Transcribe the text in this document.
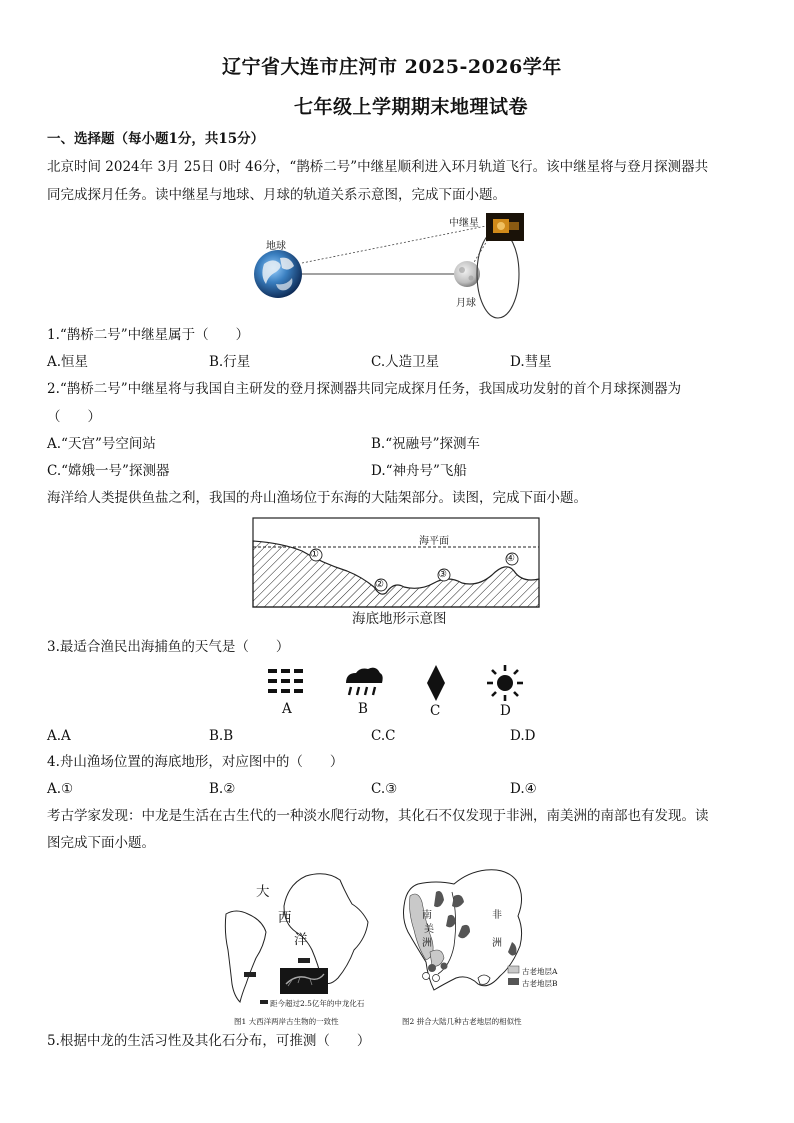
辽宁省大连市庄河市 2025-2026学年
七年级上学期期末地理试卷
一、选择题（每小题1分，共15分）
北京时间 2024年 3月 25日 0时 46分，“鹊桥二号”中继星顺利进入环月轨道飞行。该中继星将与登月探测器共
同完成探月任务。读中继星与地球、月球的轨道关系示意图，完成下面小题。
中继星
地球
月球
1.“鹊桥二号”中继星属于（　　）
A.恒星	B.行星	C.人造卫星	D.彗星
2.“鹊桥二号”中继星将与我国自主研发的登月探测器共同完成探月任务，我国成功发射的首个月球探测器为
（　　）
A.“天宫”号空间站	B.“祝融号”探测车
C.“嫦娥一号”探测器	D.“神舟号”飞船
海洋给人类提供鱼盐之利，我国的舟山渔场位于东海的大陆架部分。读图，完成下面小题。
海平面
①
②
③
④
海底地形示意图
3.最适合渔民出海捕鱼的天气是（　　）
A	B	C	D
A.A	B.B	C.C	D.D
4.舟山渔场位置的海底地形，对应图中的（　　）
A.①	B.②	C.③	D.④
考古学家发现：中龙是生活在古生代的一种淡水爬行动物，其化石不仅发现于非洲，南美洲的南部也有发现。读
图完成下面小题。
大
西
洋
距今超过2.5亿年的中龙化石
图1 大西洋两岸古生物的一致性
南
美
洲
非
洲
古老地层A
古老地层B
图2 拼合大陆几种古老地层的相似性
5.根据中龙的生活习性及其化石分布，可推测（　　）
